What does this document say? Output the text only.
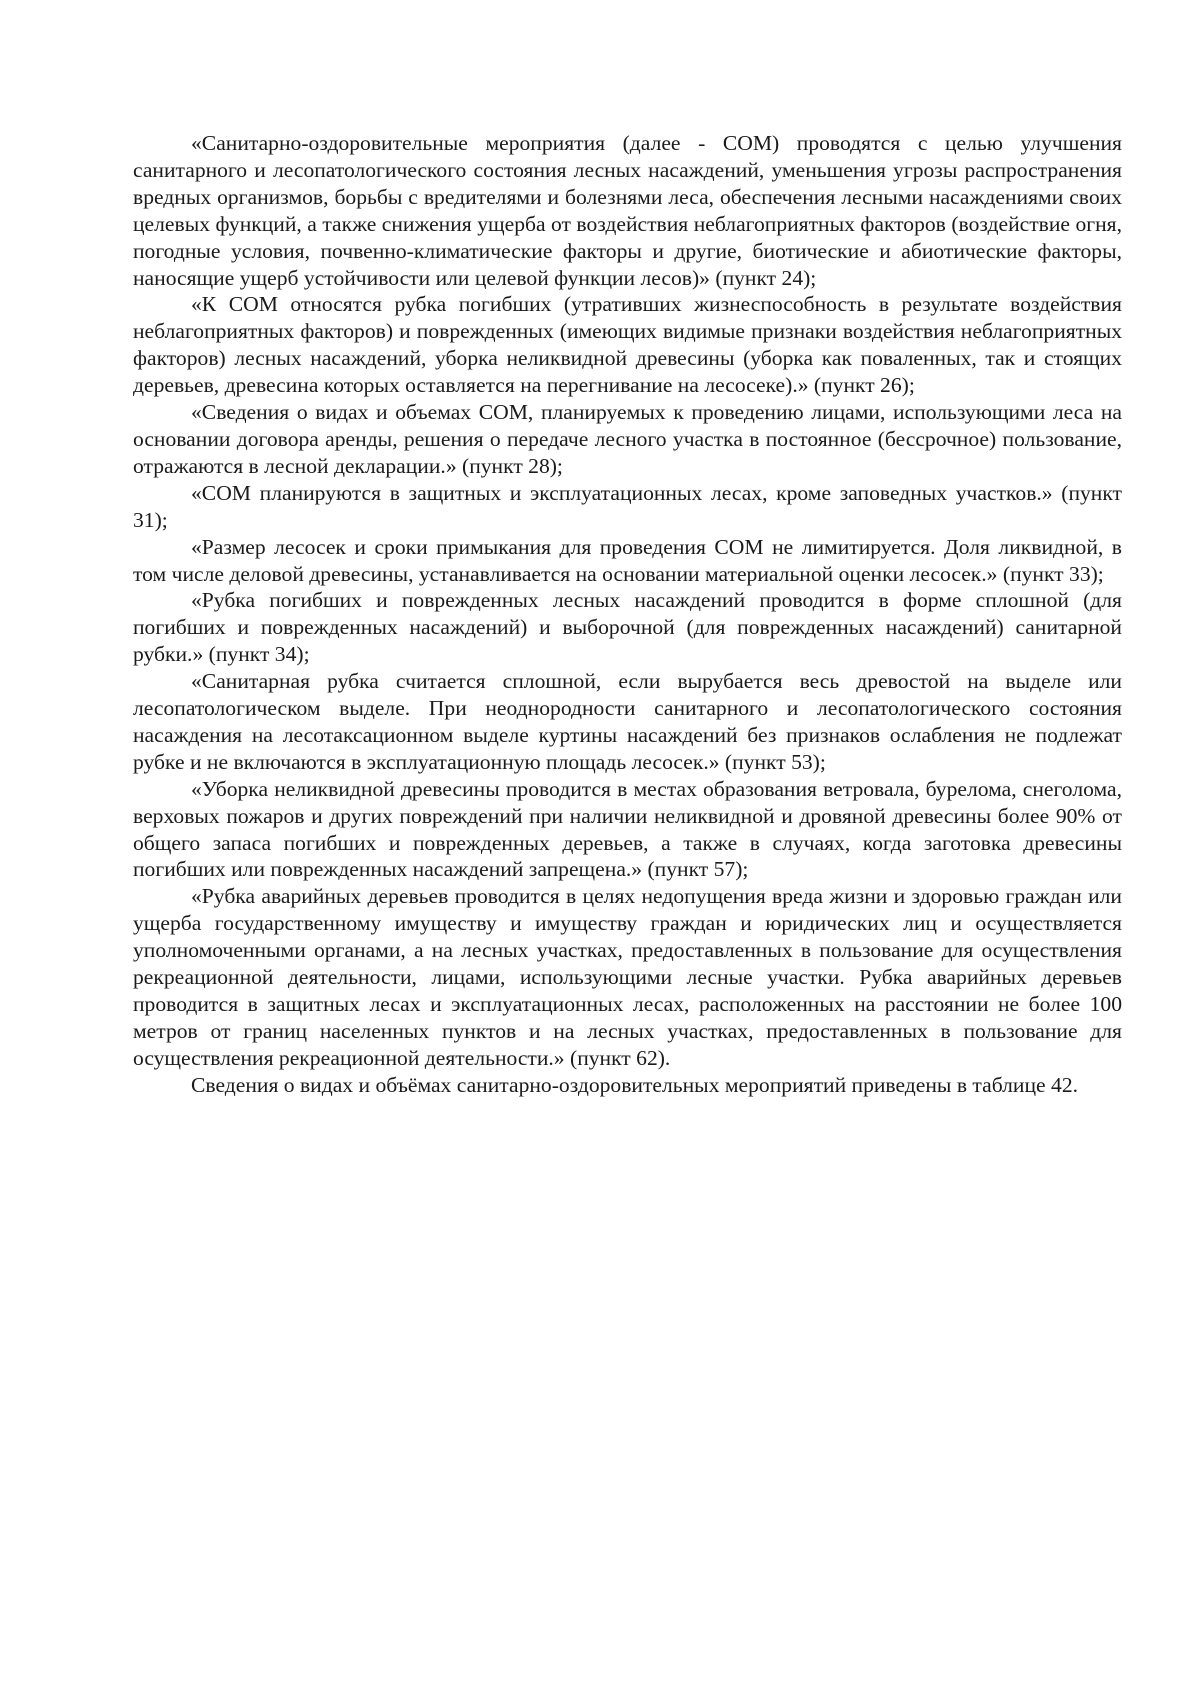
«Санитарно-оздоровительные мероприятия (далее - СОМ) проводятся с целью улучшения санитарного и лесопатологического состояния лесных насаждений, уменьшения угрозы распространения вредных организмов, борьбы с вредителями и болезнями леса, обеспечения лесными насаждениями своих целевых функций, а также снижения ущерба от воздействия неблагоприятных факторов (воздействие огня, погодные условия, почвенно-климатические факторы и другие, биотические и абиотические факторы, наносящие ущерб устойчивости или целевой функции лесов)» (пункт 24);

«К СОМ относятся рубка погибших (утративших жизнеспособность в результате воздействия неблагоприятных факторов) и поврежденных (имеющих видимые признаки воздействия неблагоприятных факторов) лесных насаждений, уборка неликвидной древесины (уборка как поваленных, так и стоящих деревьев, древесина которых оставляется на перегнивание на лесосеке).» (пункт 26);

«Сведения о видах и объемах СОМ, планируемых к проведению лицами, использующими леса на основании договора аренды, решения о передаче лесного участка в постоянное (бессрочное) пользование, отражаются в лесной декларации.» (пункт 28);

«СОМ планируются в защитных и эксплуатационных лесах, кроме заповедных участков.» (пункт 31);

«Размер лесосек и сроки примыкания для проведения СОМ не лимитируется. Доля ликвидной, в том числе деловой древесины, устанавливается на основании материальной оценки лесосек.» (пункт 33);

«Рубка погибших и поврежденных лесных насаждений проводится в форме сплошной (для погибших и поврежденных насаждений) и выборочной (для поврежденных насаждений) санитарной рубки.» (пункт 34);

«Санитарная рубка считается сплошной, если вырубается весь древостой на выделе или лесопатологическом выделе. При неоднородности санитарного и лесопатологического состояния насаждения на лесотаксационном выделе куртины насаждений без признаков ослабления не подлежат рубке и не включаются в эксплуатационную площадь лесосек.» (пункт 53);

«Уборка неликвидной древесины проводится в местах образования ветровала, бурелома, снеголома, верховых пожаров и других повреждений при наличии неликвидной и дровяной древесины более 90% от общего запаса погибших и поврежденных деревьев, а также в случаях, когда заготовка древесины погибших или поврежденных насаждений запрещена.» (пункт 57);

«Рубка аварийных деревьев проводится в целях недопущения вреда жизни и здоровью граждан или ущерба государственному имуществу и имуществу граждан и юридических лиц и осуществляется уполномоченными органами, а на лесных участках, предоставленных в пользование для осуществления рекреационной деятельности, лицами, использующими лесные участки. Рубка аварийных деревьев проводится в защитных лесах и эксплуатационных лесах, расположенных на расстоянии не более 100 метров от границ населенных пунктов и на лесных участках, предоставленных в пользование для осуществления рекреационной деятельности.» (пункт 62).

Сведения о видах и объёмах санитарно-оздоровительных мероприятий приведены в таблице 42.
